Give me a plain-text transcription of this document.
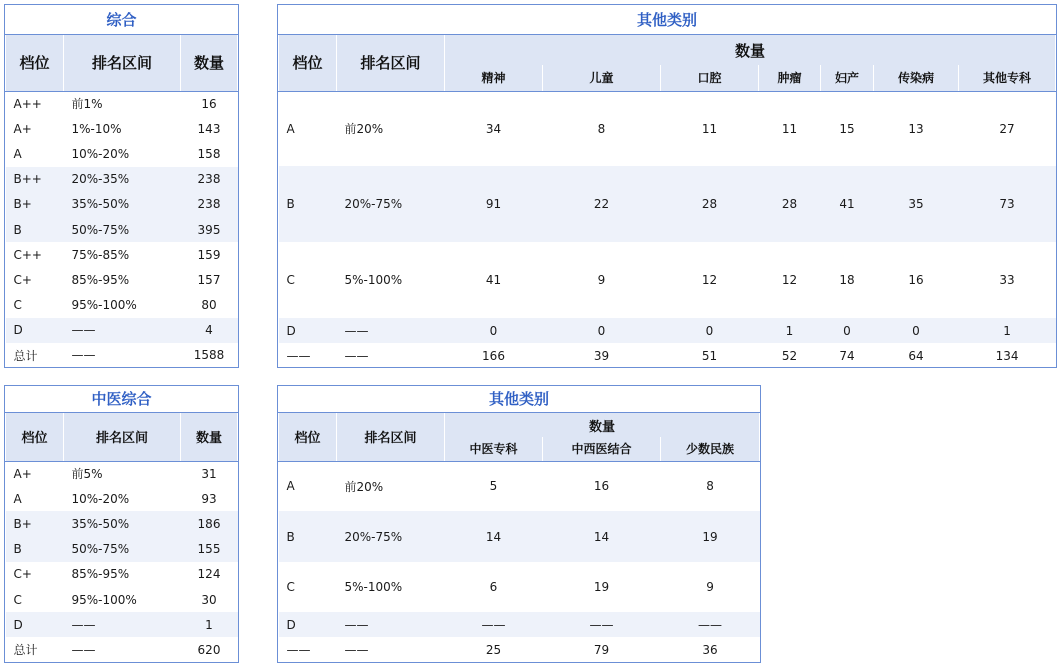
综合
档位	排名区间	数量
A++	前1%	16
A+	1%-10%	143
A	10%-20%	158
B++	20%-35%	238
B+	35%-50%	238
B	50%-75%	395
C++	75%-85%	159
C+	85%-95%	157
C	95%-100%	80
D	——	4
总计	——	1588
其他类别
档位	排名区间	数量						
		精神	儿童	口腔	肿瘤	妇产	传染病	其他专科
A	前20%	34	8	11	11	15	13	27
B	20%-75%	91	22	28	28	41	35	73
C	5%-100%	41	9	12	12	18	16	33
D	——	0	0	0	1	0	0	1
——	——	166	39	51	52	74	64	134
中医综合
档位	排名区间	数量
A+	前5%	31
A	10%-20%	93
B+	35%-50%	186
B	50%-75%	155
C+	85%-95%	124
C	95%-100%	30
D	——	1
总计	——	620
其他类别
档位	排名区间	数量		
		中医专科	中西医结合	少数民族
A	前20%	5	16	8
B	20%-75%	14	14	19
C	5%-100%	6	19	9
D	——	——	——	——
——	——	25	79	36
